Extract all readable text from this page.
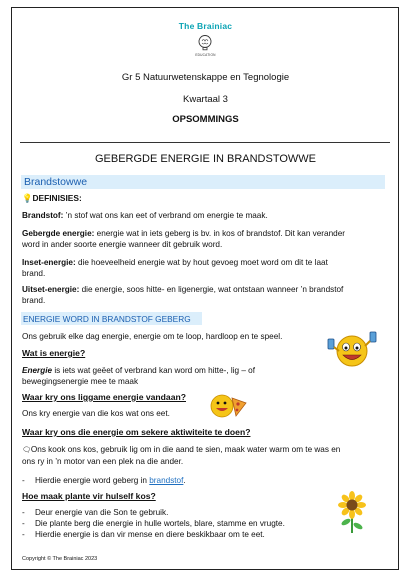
The Brainiac
EDUCATION
Gr 5 Natuurwetenskappe en Tegnologie
Kwartaal 3
OPSOMMINGS
GEBERGDE ENERGIE IN BRANDSTOWWE
Brandstowwe
💡DEFINISIES:
Brandstof: ’n stof wat ons kan eet of verbrand om energie te maak.
Gebergde energie: energie wat in iets geberg is bv. in kos of brandstof. Dit kan verander
word in ander soorte energie wanneer dit gebruik word.
Inset-energie: die hoeveelheid energie wat by hout gevoeg moet word om dit te laat
brand.
Uitset-energie: die energie, soos hitte- en ligenergie, wat ontstaan wanneer ’n brandstof
brand.
ENERGIE WORD IN BRANDSTOF GEBERG
Ons gebruik elke dag energie, energie om te loop, hardloop en te speel.
Wat is energie?
Energie is iets wat geëet of verbrand kan word om hitte-, lig – of
bewegingsenergie mee te maak
Waar kry ons liggame energie vandaan?
Ons kry energie van die kos wat ons eet.
Waar kry ons die energie om sekere aktiwiteite te doen?
🗨Ons kook ons kos, gebruik lig om in die aand te sien, maak water warm om te was en
ons ry in ’n motor van een plek na die ander.
- Hierdie energie word geberg in brandstof.
Hoe maak plante vir hulself kos?
- Deur energie van die Son te gebruik.
- Die plante berg die energie in hulle wortels, blare, stamme en vrugte.
- Hierdie energie is dan vir mense en diere beskikbaar om te eet.
Copyright © The Brainiac 2023
